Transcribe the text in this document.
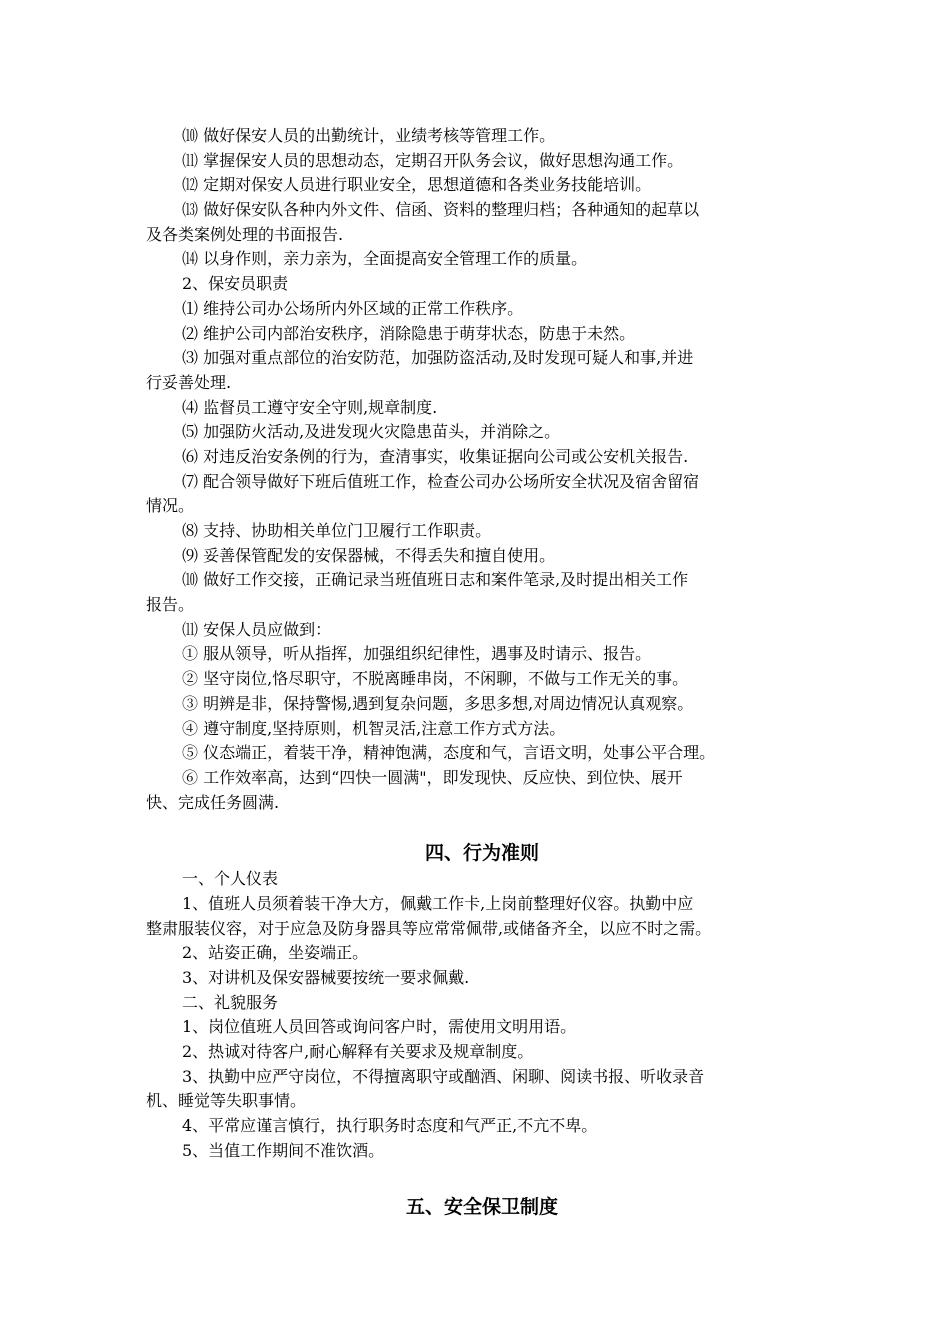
⑽ 做好保安人员的出勤统计，业绩考核等管理工作。
⑾ 掌握保安人员的思想动态，定期召开队务会议，做好思想沟通工作。
⑿ 定期对保安人员进行职业安全，思想道德和各类业务技能培训。
⒀ 做好保安队各种内外文件、信函、资料的整理归档；各种通知的起草以
及各类案例处理的书面报告.
⒁ 以身作则，亲力亲为，全面提高安全管理工作的质量。
2、保安员职责
⑴ 维持公司办公场所内外区域的正常工作秩序。
⑵ 维护公司内部治安秩序，消除隐患于萌芽状态，防患于未然。
⑶ 加强对重点部位的治安防范，加强防盗活动,及时发现可疑人和事,并进
行妥善处理.
⑷ 监督员工遵守安全守则,规章制度.
⑸ 加强防火活动,及进发现火灾隐患苗头，并消除之。
⑹ 对违反治安条例的行为，查清事实，收集证据向公司或公安机关报告.
⑺ 配合领导做好下班后值班工作，检查公司办公场所安全状况及宿舍留宿
情况。
⑻ 支持、协助相关单位门卫履行工作职责。
⑼ 妥善保管配发的安保器械，不得丢失和擅自使用。
⑽ 做好工作交接，正确记录当班值班日志和案件笔录,及时提出相关工作
报告。
⑾ 安保人员应做到：
① 服从领导，听从指挥，加强组织纪律性，遇事及时请示、报告。
② 坚守岗位,恪尽职守，不脱离睡串岗，不闲聊，不做与工作无关的事。
③ 明辨是非，保持警惕,遇到复杂问题，多思多想,对周边情况认真观察。
④ 遵守制度,坚持原则，机智灵活,注意工作方式方法。
⑤ 仪态端正，着装干净，精神饱满，态度和气，言语文明，处事公平合理。
⑥ 工作效率高，达到“四快一圆满"，即发现快、反应快、到位快、展开
快、完成任务圆满.
四、行为准则
一、个人仪表
1、值班人员须着装干净大方，佩戴工作卡,上岗前整理好仪容。执勤中应
整肃服装仪容，对于应急及防身器具等应常常佩带,或储备齐全，以应不时之需。
2、站姿正确，坐姿端正。
3、对讲机及保安器械要按统一要求佩戴.
二、礼貌服务
1、岗位值班人员回答或询问客户时，需使用文明用语。
2、热诚对待客户,耐心解释有关要求及规章制度。
3、执勤中应严守岗位，不得擅离职守或酗酒、闲聊、阅读书报、听收录音
机、睡觉等失职事情。
4、平常应谨言慎行，执行职务时态度和气严正,不亢不卑。
5、当值工作期间不准饮酒。
五、安全保卫制度
